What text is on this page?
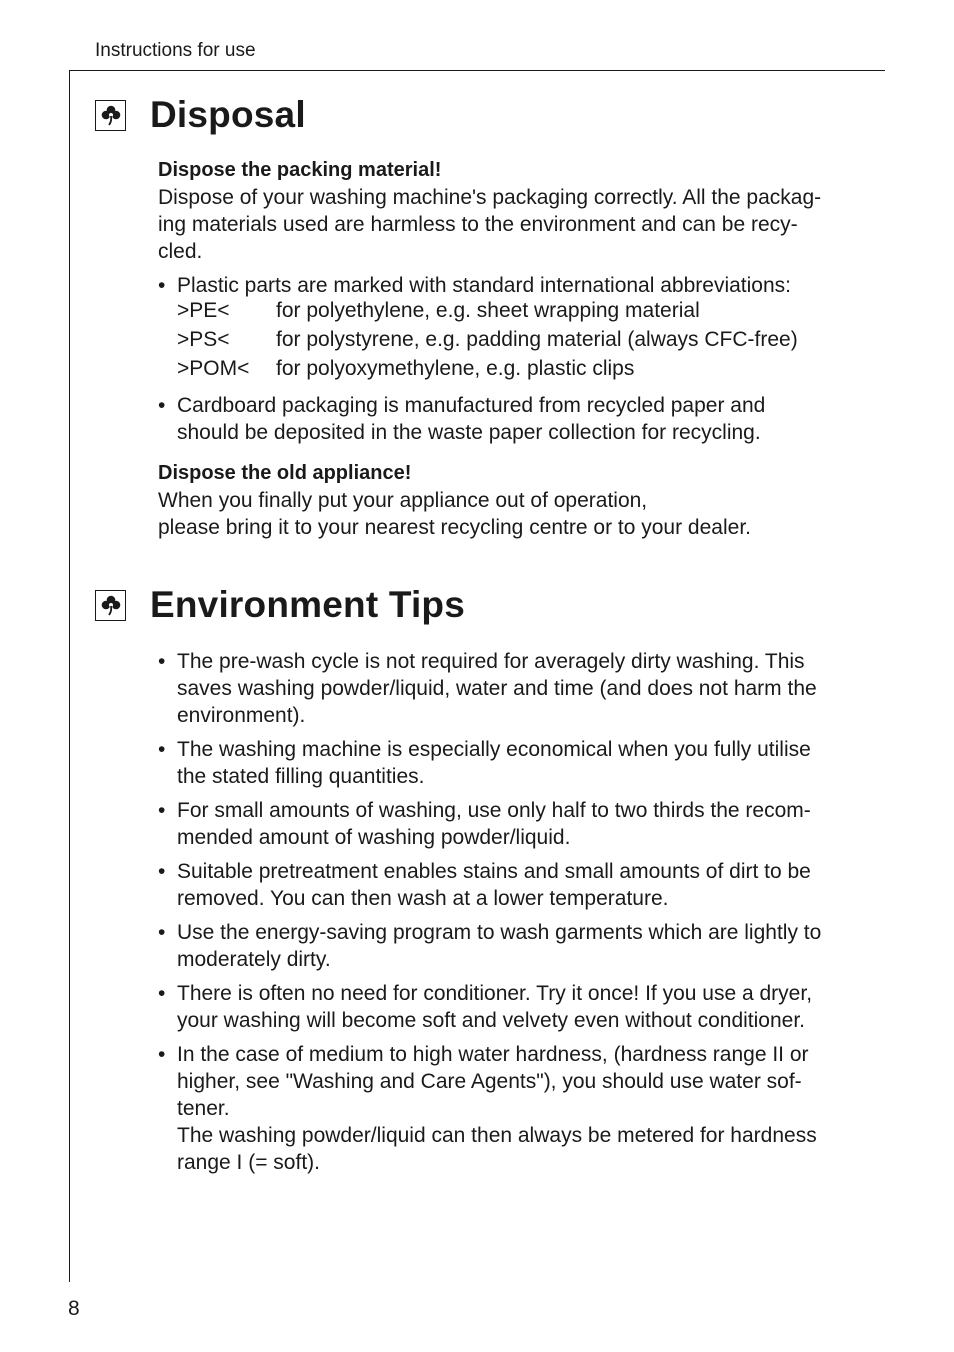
Instructions for use
Disposal
Dispose the packing material!

Dispose of your washing machine's packaging correctly. All the packag-

ing materials used are harmless to the environment and can be recy-

cled.

• Plastic parts are marked with standard international abbreviations:

>PE<	for polyethylene, e.g. sheet wrapping material
>PS<	for polystyrene, e.g. padding material (always CFC-free)
>POM<	for polyoxymethylene, e.g. plastic clips

• Cardboard packaging is manufactured from recycled paper and

should be deposited in the waste paper collection for recycling.

Dispose the old appliance!

When you finally put your appliance out of operation,

please bring it to your nearest recycling centre or to your dealer.

Environment Tips

• The pre-wash cycle is not required for averagely dirty washing. This

saves washing powder/liquid, water and time (and does not harm the

environment).

• The washing machine is especially economical when you fully utilise

the stated filling quantities.

• For small amounts of washing, use only half to two thirds the recom-

mended amount of washing powder/liquid.

• Suitable pretreatment enables stains and small amounts of dirt to be

removed. You can then wash at a lower temperature.

• Use the energy-saving program to wash garments which are lightly to

moderately dirty.

• There is often no need for conditioner. Try it once! If you use a dryer,

your washing will become soft and velvety even without conditioner.

• In the case of medium to high water hardness, (hardness range II or

higher, see "Washing and Care Agents"), you should use water sof-

tener.

The washing powder/liquid can then always be metered for hardness

range I (= soft).

8
